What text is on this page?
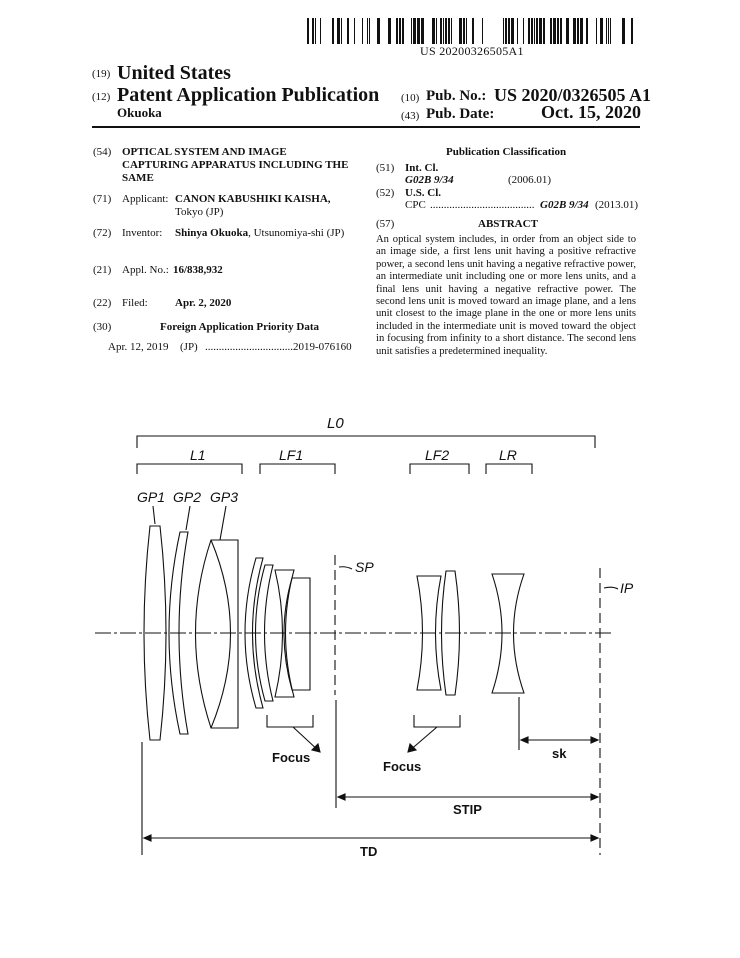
US 20200326505A1
(19) United States
(12) Patent Application Publication
Okuoka
(10) Pub. No.: US 2020/0326505 A1
(43) Pub. Date:	Oct. 15, 2020
(54) OPTICAL SYSTEM AND IMAGE
CAPTURING APPARATUS INCLUDING THE
SAME
(71) Applicant: CANON KABUSHIKI KAISHA,
Tokyo (JP)
(72) Inventor: Shinya Okuoka, Utsunomiya-shi (JP)
(21) Appl. No.: 16/838,932
(22) Filed: Apr. 2, 2020
(30)	Foreign Application Priority Data
Apr. 12, 2019 (JP) ................................ 2019-076160
Publication Classification
(51) Int. Cl.
G02B 9/34	(2006.01)
(52) U.S. Cl.
CPC ...................................... G02B 9/34 (2013.01)
(57)	ABSTRACT
An optical system includes, in order from an object side to an image side, a first lens unit having a positive refractive power, a second lens unit having a negative refractive power, an intermediate unit including one or more lens units, and a final lens unit having a negative refractive power. The second lens unit is moved toward an image plane, and a lens unit closest to the image plane in the one or more lens units included in the intermediate unit is moved toward the object in focusing from infinity to a short distance. The second lens unit satisfies a predetermined inequality.
L0
L1	LF1	LF2	LR
GP1 GP2 GP3
SP
IP
Focus
Focus
sk
STIP
TD
